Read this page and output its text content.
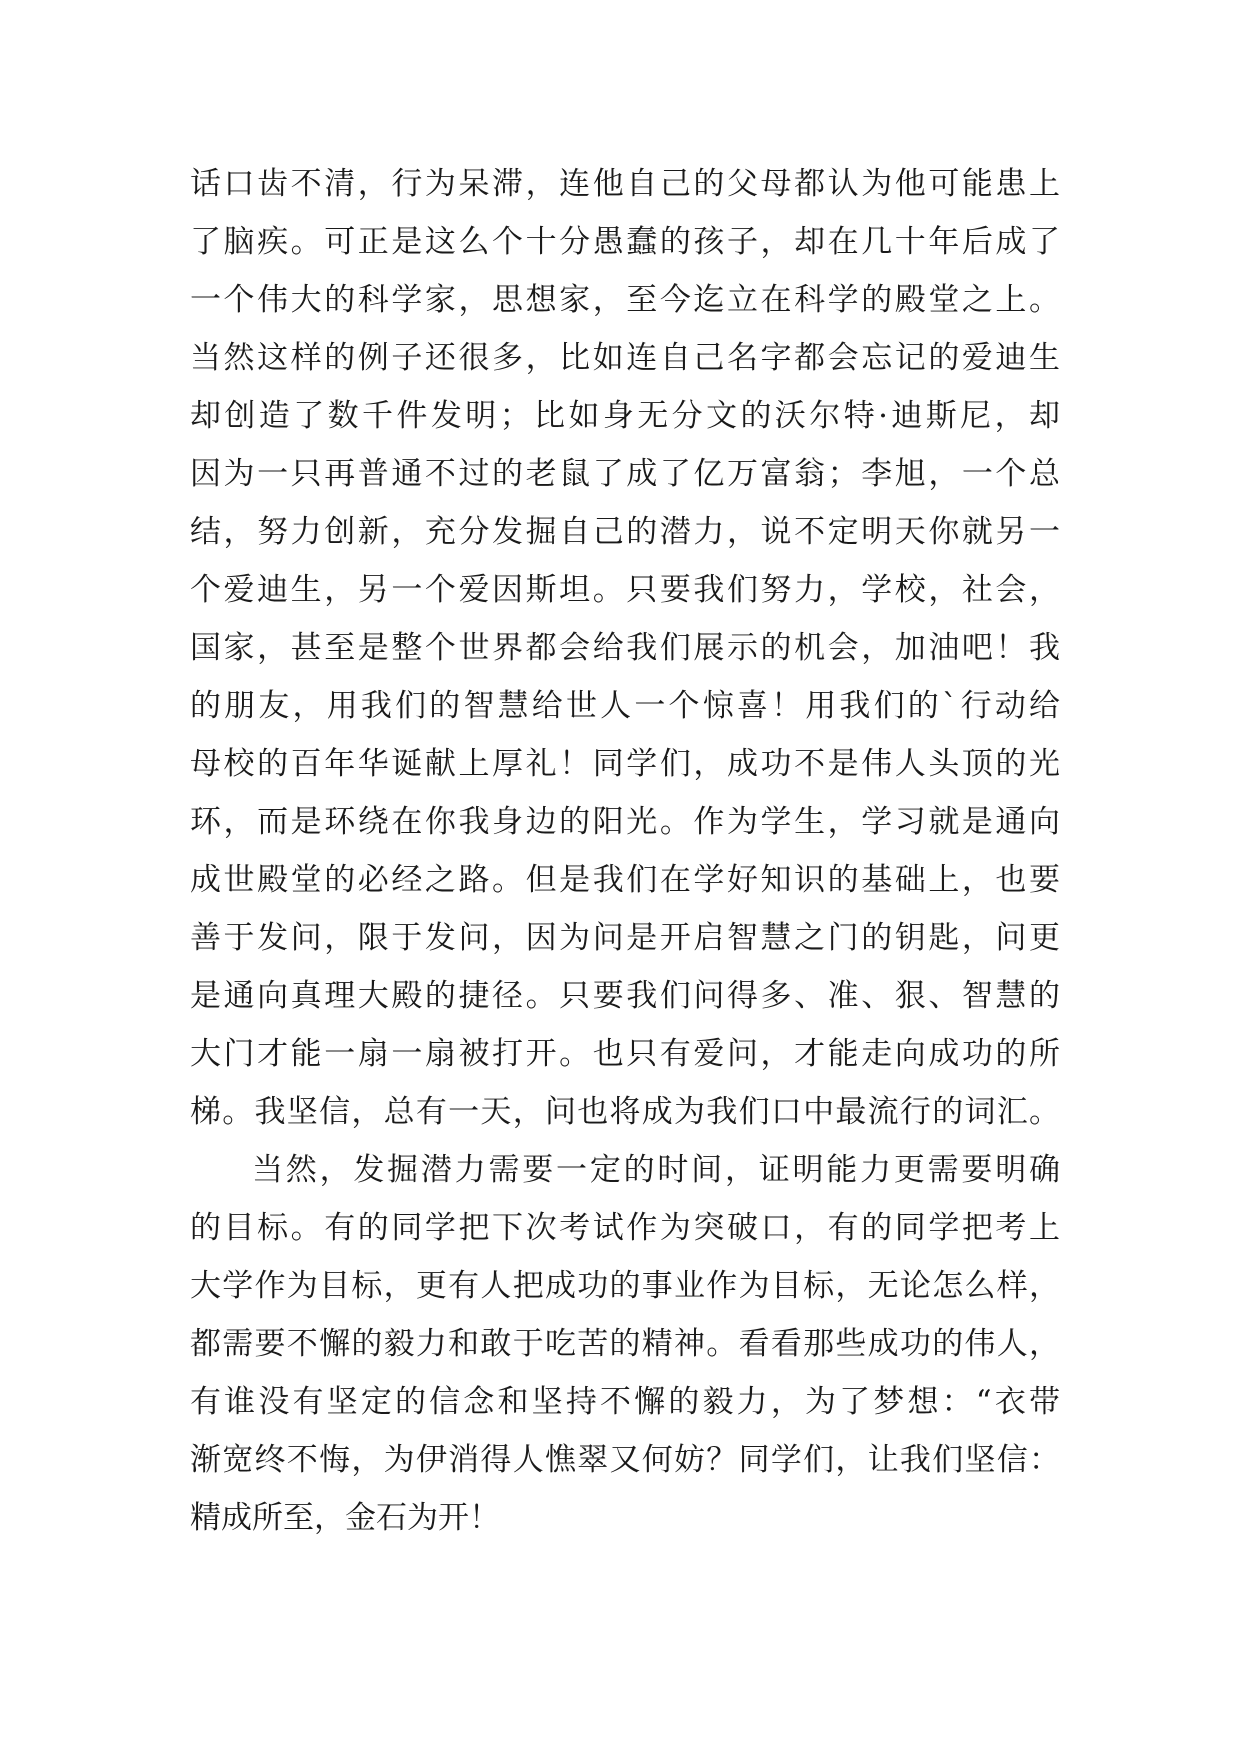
话口齿不清，行为呆滞，连他自己的父母都认为他可能患上
了脑疾。可正是这么个十分愚蠢的孩子，却在几十年后成了
一个伟大的科学家，思想家，至今迄立在科学的殿堂之上。
当然这样的例子还很多，比如连自己名字都会忘记的爱迪生
却创造了数千件发明；比如身无分文的沃尔特·迪斯尼，却
因为一只再普通不过的老鼠了成了亿万富翁；李旭，一个总
结，努力创新，充分发掘自己的潜力，说不定明天你就另一
个爱迪生，另一个爱因斯坦。只要我们努力，学校，社会，
国家，甚至是整个世界都会给我们展示的机会，加油吧！我
的朋友，用我们的智慧给世人一个惊喜！用我们的`行动给
母校的百年华诞献上厚礼！同学们，成功不是伟人头顶的光
环，而是环绕在你我身边的阳光。作为学生，学习就是通向
成世殿堂的必经之路。但是我们在学好知识的基础上，也要
善于发问，限于发问，因为问是开启智慧之门的钥匙，问更
是通向真理大殿的捷径。只要我们问得多、准、狠、智慧的
大门才能一扇一扇被打开。也只有爱问，才能走向成功的所
梯。我坚信，总有一天，问也将成为我们口中最流行的词汇。
当然，发掘潜力需要一定的时间，证明能力更需要明确
的目标。有的同学把下次考试作为突破口，有的同学把考上
大学作为目标，更有人把成功的事业作为目标，无论怎么样，
都需要不懈的毅力和敢于吃苦的精神。看看那些成功的伟人，
有谁没有坚定的信念和坚持不懈的毅力，为了梦想：“衣带
渐宽终不悔，为伊消得人憔翠又何妨？同学们，让我们坚信：
精成所至，金石为开！
